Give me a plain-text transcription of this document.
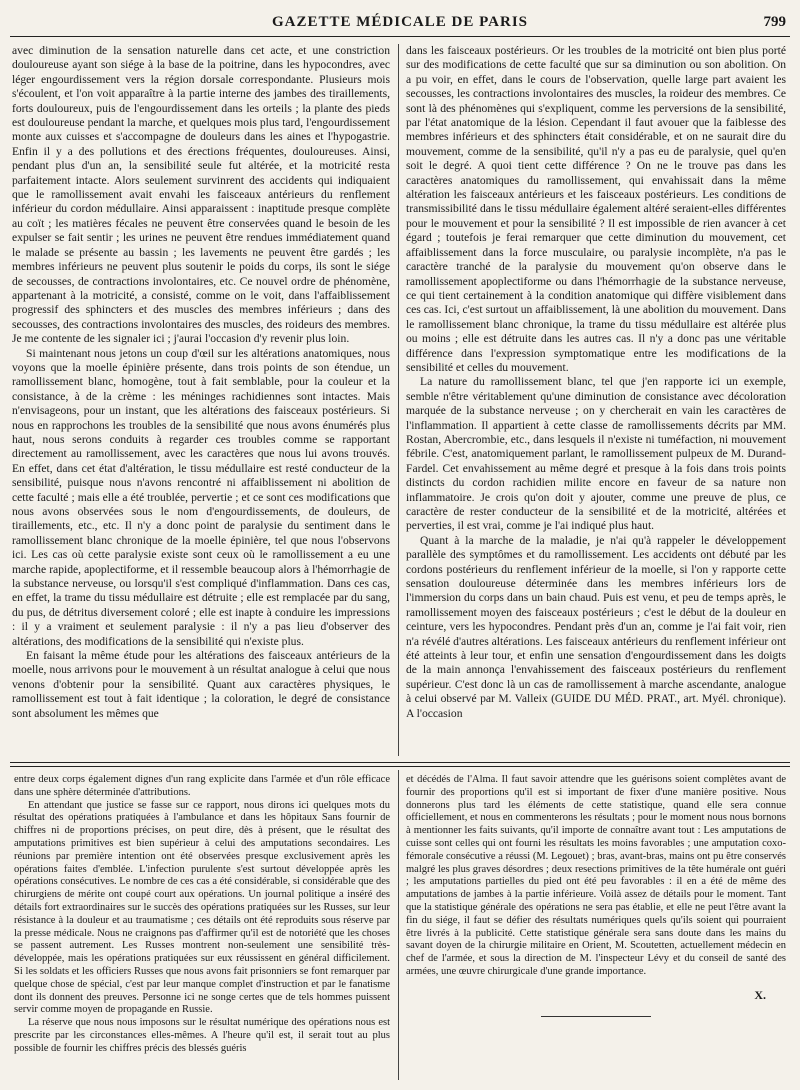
GAZETTE MÉDICALE DE PARIS	799

avec diminution de la sensation naturelle dans cet acte, et une constriction douloureuse ayant son siége à la base de la poitrine, dans les hypocondres, avec léger engourdissement vers la région dorsale correspondante. Plusieurs mois s'écoulent, et l'on voit apparaître à la partie interne des jambes des tiraillements, forts douloureux, puis de l'engourdissement dans les orteils ; la plante des pieds est douloureuse pendant la marche, et quelques mois plus tard, l'engourdissement monte aux cuisses et s'accompagne de douleurs dans les aines et l'hypogastrie. Enfin il y a des pollutions et des érections fréquentes, douloureuses. Ainsi, pendant plus d'un an, la sensibilité seule fut altérée, et la motricité resta parfaitement intacte. Alors seulement survinrent des accidents qui indiquaient que le ramollissement avait envahi les faisceaux antérieurs du renflement inférieur du cordon médullaire. Ainsi apparaissent : inaptitude presque complète au coït ; les matières fécales ne peuvent être conservées quand le besoin de les expulser se fait sentir ; les urines ne peuvent être rendues immédiatement quand le malade se présente au bassin ; les lavements ne peuvent être gardés ; les membres inférieurs ne peuvent plus soutenir le poids du corps, ils sont le siége de secousses, de contractions involontaires, etc. Ce nouvel ordre de phénomène, appartenant à la motricité, a consisté, comme on le voit, dans l'affaiblissement progressif des sphincters et des muscles des membres inférieurs ; dans des secousses, des contractions involontaires des muscles, des roideurs des membres. Je me contente de les signaler ici ; j'aurai l'occasion d'y revenir plus loin.

Si maintenant nous jetons un coup d'œil sur les altérations anatomiques, nous voyons que la moelle épinière présente, dans trois points de son étendue, un ramollissement blanc, homogène, tout à fait semblable, pour la couleur et la consistance, à de la crème : les méninges rachidiennes sont intactes. Mais n'envisageons, pour un instant, que les altérations des faisceaux postérieurs. Si nous en rapprochons les troubles de la sensibilité que nous avons énumérés plus haut, nous serons conduits à regarder ces troubles comme se rapportant directement au ramollissement, avec les caractères que nous lui avons trouvés. En effet, dans cet état d'altération, le tissu médullaire est resté conducteur de la sensibilité, puisque nous n'avons rencontré ni affaiblissement ni abolition de cette faculté ; mais elle a été troublée, pervertie ; et ce sont ces modifications que nous avons observées sous le nom d'engourdissements, de douleurs, de tiraillements, etc., etc. Il n'y a donc point de paralysie du sentiment dans le ramollissement blanc chronique de la moelle épinière, tel que nous l'observons ici. Les cas où cette paralysie existe sont ceux où le ramollissement a eu une marche rapide, apoplectiforme, et il ressemble beaucoup alors à l'hémorrhagie de la substance nerveuse, ou lorsqu'il s'est compliqué d'inflammation. Dans ces cas, en effet, la trame du tissu médullaire est détruite ; elle est remplacée par du sang, du pus, de détritus diversement coloré ; elle est inapte à conduire les impressions : il y a vraiment et seulement paralysie : il n'y a pas lieu d'observer des altérations, des modifications de la sensibilité qui n'existe plus.

En faisant la même étude pour les altérations des faisceaux antérieurs de la moelle, nous arrivons pour le mouvement à un résultat analogue à celui que nous venons d'obtenir pour la sensibilité. Quant aux caractères physiques, le ramollissement est tout à fait identique ; la coloration, le degré de consistance sont absolument les mêmes que

dans les faisceaux postérieurs. Or les troubles de la motricité ont bien plus porté sur des modifications de cette faculté que sur sa diminution ou son abolition. On a pu voir, en effet, dans le cours de l'observation, quelle large part avaient les secousses, les contractions involontaires des muscles, la roideur des membres. Ce sont là des phénomènes qui s'expliquent, comme les perversions de la sensibilité, par l'état anatomique de la lésion. Cependant il faut avouer que la faiblesse des membres inférieurs et des sphincters était considérable, et on ne saurait dire du mouvement, comme de la sensibilité, qu'il n'y a pas eu de paralysie, quel qu'en soit le degré. A quoi tient cette différence ? On ne le trouve pas dans les caractères anatomiques du ramollissement, qui envahissait dans la même altération les faisceaux antérieurs et les faisceaux postérieurs. Les conditions de transmissibilité dans le tissu médullaire également altéré seraient-elles différentes pour le mouvement et pour la sensibilité ? Il est impossible de rien avancer à cet égard ; toutefois je ferai remarquer que cette diminution du mouvement, cet affaiblissement dans la force musculaire, ou paralysie incomplète, n'a pas le caractère tranché de la paralysie du mouvement qu'on observe dans le ramollissement apoplectiforme ou dans l'hémorrhagie de la substance nerveuse, ce qui tient certainement à la condition anatomique qui diffère visiblement dans ces cas. Ici, c'est surtout un affaiblissement, là une abolition du mouvement. Dans le ramollissement blanc chronique, la trame du tissu médullaire est altérée plus ou moins ; elle est détruite dans les autres cas. Il n'y a donc pas une véritable différence dans l'expression symptomatique entre les modifications de la sensibilité et celles du mouvement.

La nature du ramollissement blanc, tel que j'en rapporte ici un exemple, semble n'être véritablement qu'une diminution de consistance avec décoloration marquée de la substance nerveuse ; on y chercherait en vain les caractères de l'inflammation. Il appartient à cette classe de ramollissements décrits par MM. Rostan, Abercrombie, etc., dans lesquels il n'existe ni tuméfaction, ni mouvement fébrile. C'est, anatomiquement parlant, le ramollissement pulpeux de M. Durand-Fardel. Cet envahissement au même degré et presque à la fois dans trois points distincts du cordon rachidien milite encore en faveur de sa nature non inflammatoire. Je crois qu'on doit y ajouter, comme une preuve de plus, ce caractère de rester conducteur de la sensibilité et de la motricité, altérées et perverties, il est vrai, comme je l'ai indiqué plus haut.

Quant à la marche de la maladie, je n'ai qu'à rappeler le développement parallèle des symptômes et du ramollissement. Les accidents ont débuté par les cordons postérieurs du renflement inférieur de la moelle, si l'on y rapporte cette sensation douloureuse déterminée dans les membres inférieurs lors de l'immersion du corps dans un bain chaud. Puis est venu, et peu de temps après, le ramollissement moyen des faisceaux postérieurs ; c'est le début de la douleur en ceinture, vers les hypocondres. Pendant près d'un an, comme je l'ai fait voir, rien n'a révélé d'autres altérations. Les faisceaux antérieurs du renflement inférieur ont été atteints à leur tour, et enfin une sensation d'engourdissement dans les doigts de la main annonça l'envahissement des faisceaux postérieurs du renflement supérieur. C'est donc là un cas de ramollissement à marche ascendante, analogue à celui observé par M. Valleix (GUIDE DU MÉD. PRAT., art. Myél. chronique). A l'occasion

entre deux corps également dignes d'un rang explicite dans l'armée et d'un rôle efficace dans une sphère déterminée d'attributions.

En attendant que justice se fasse sur ce rapport, nous dirons ici quelques mots du résultat des opérations pratiquées à l'ambulance et dans les hôpitaux Sans fournir de chiffres ni de proportions précises, on peut dire, dès à présent, que le résultat des amputations primitives est bien supérieur à celui des amputations secondaires. Les réunions par première intention ont été observées presque exclusivement après les opérations faites d'emblée. L'infection purulente s'est surtout développée après les opérations consécutives. Le nombre de ces cas a été considérable, si considérable que des chirurgiens de mérite ont coupé court aux opérations. Un journal politique a inséré des détails fort extraordinaires sur le succès des opérations pratiquées sur les Russes, sur leur résistance à la douleur et au traumatisme ; ces détails ont été reproduits sous réserve par la presse médicale. Nous ne craignons pas d'affirmer qu'il est de notoriété que les choses se passent autrement. Les Russes montrent non-seulement une sensibilité très-développée, mais les opérations pratiquées sur eux réussissent en général difficilement. Si les soldats et les officiers Russes que nous avons fait prisonniers se font remarquer par quelque chose de spécial, c'est par leur manque complet d'instruction et par le fanatisme dont ils donnent des preuves. Personne ici ne songe certes que de tels hommes puissent servir comme moyen de propagande en Russie.

La réserve que nous nous imposons sur le résultat numérique des opérations nous est prescrite par les circonstances elles-mêmes. A l'heure qu'il est, il serait tout au plus possible de fournir les chiffres précis des blessés guéris

et décédés de l'Alma. Il faut savoir attendre que les guérisons soient complètes avant de fournir des proportions qu'il est si important de fixer d'une manière positive. Nous donnerons plus tard les éléments de cette statistique, quand elle sera connue officiellement, et nous en commenterons les résultats ; pour le moment nous nous bornons à mentionner les faits suivants, qu'il importe de connaître avant tout : Les amputations de cuisse sont celles qui ont fourni les résultats les moins favorables ; une amputation coxo-fémorale consécutive a réussi (M. Legouet) ; bras, avant-bras, mains ont pu être conservés malgré les plus graves désordres ; deux resections primitives de la tête humérale ont guéri ; les amputations partielles du pied ont été peu favorables : il en a été de même des amputations de jambes à la partie inférieure. Voilà assez de détails pour le moment. Tant que la statistique générale des opérations ne sera pas établie, et elle ne peut l'être avant la fin du siége, il faut se défier des résultats numériques quels qu'ils soient qui pourraient être livrés à la publicité. Cette statistique générale sera sans doute dans les mains du savant doyen de la chirurgie militaire en Orient, M. Scoutetten, actuellement médecin en chef de l'armée, et sous la direction de M. l'inspecteur Lévy et du conseil de santé des armées, une œuvre chirurgicale d'une grande importance.

X.
